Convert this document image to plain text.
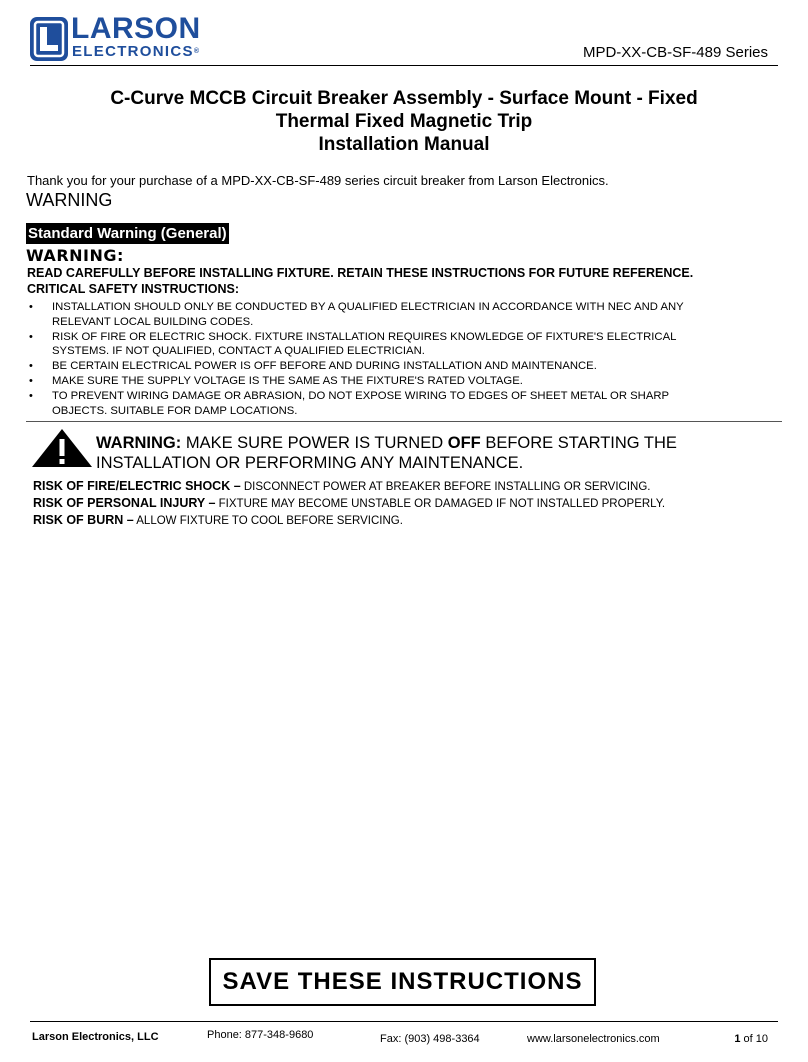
LARSON
ELECTRONICS®	MPD-XX-CB-SF-489 Series
C-Curve MCCB Circuit Breaker Assembly - Surface Mount - Fixed
Thermal Fixed Magnetic Trip
Installation Manual
Thank you for your purchase of a MPD-XX-CB-SF-489 series circuit breaker from Larson Electronics.
WARNING
Standard Warning (General)
WARNING:
READ CAREFULLY BEFORE INSTALLING FIXTURE. RETAIN THESE INSTRUCTIONS FOR FUTURE REFERENCE.
CRITICAL SAFETY INSTRUCTIONS:
• INSTALLATION SHOULD ONLY BE CONDUCTED BY A QUALIFIED ELECTRICIAN IN ACCORDANCE WITH NEC AND ANY
RELEVANT LOCAL BUILDING CODES.
• RISK OF FIRE OR ELECTRIC SHOCK. FIXTURE INSTALLATION REQUIRES KNOWLEDGE OF FIXTURE'S ELECTRICAL
SYSTEMS. IF NOT QUALIFIED, CONTACT A QUALIFIED ELECTRICIAN.
• BE CERTAIN ELECTRICAL POWER IS OFF BEFORE AND DURING INSTALLATION AND MAINTENANCE.
• MAKE SURE THE SUPPLY VOLTAGE IS THE SAME AS THE FIXTURE'S RATED VOLTAGE.
• TO PREVENT WIRING DAMAGE OR ABRASION, DO NOT EXPOSE WIRING TO EDGES OF SHEET METAL OR SHARP
OBJECTS. SUITABLE FOR DAMP LOCATIONS.
WARNING: MAKE SURE POWER IS TURNED OFF BEFORE STARTING THE
INSTALLATION OR PERFORMING ANY MAINTENANCE.
RISK OF FIRE/ELECTRIC SHOCK – DISCONNECT POWER AT BREAKER BEFORE INSTALLING OR SERVICING.
RISK OF PERSONAL INJURY – FIXTURE MAY BECOME UNSTABLE OR DAMAGED IF NOT INSTALLED PROPERLY.
RISK OF BURN – ALLOW FIXTURE TO COOL BEFORE SERVICING.
SAVE THESE INSTRUCTIONS
Larson Electronics, LLC	Phone: 877-348-9680	Fax: (903) 498-3364	www.larsonelectronics.com	1 of 10
